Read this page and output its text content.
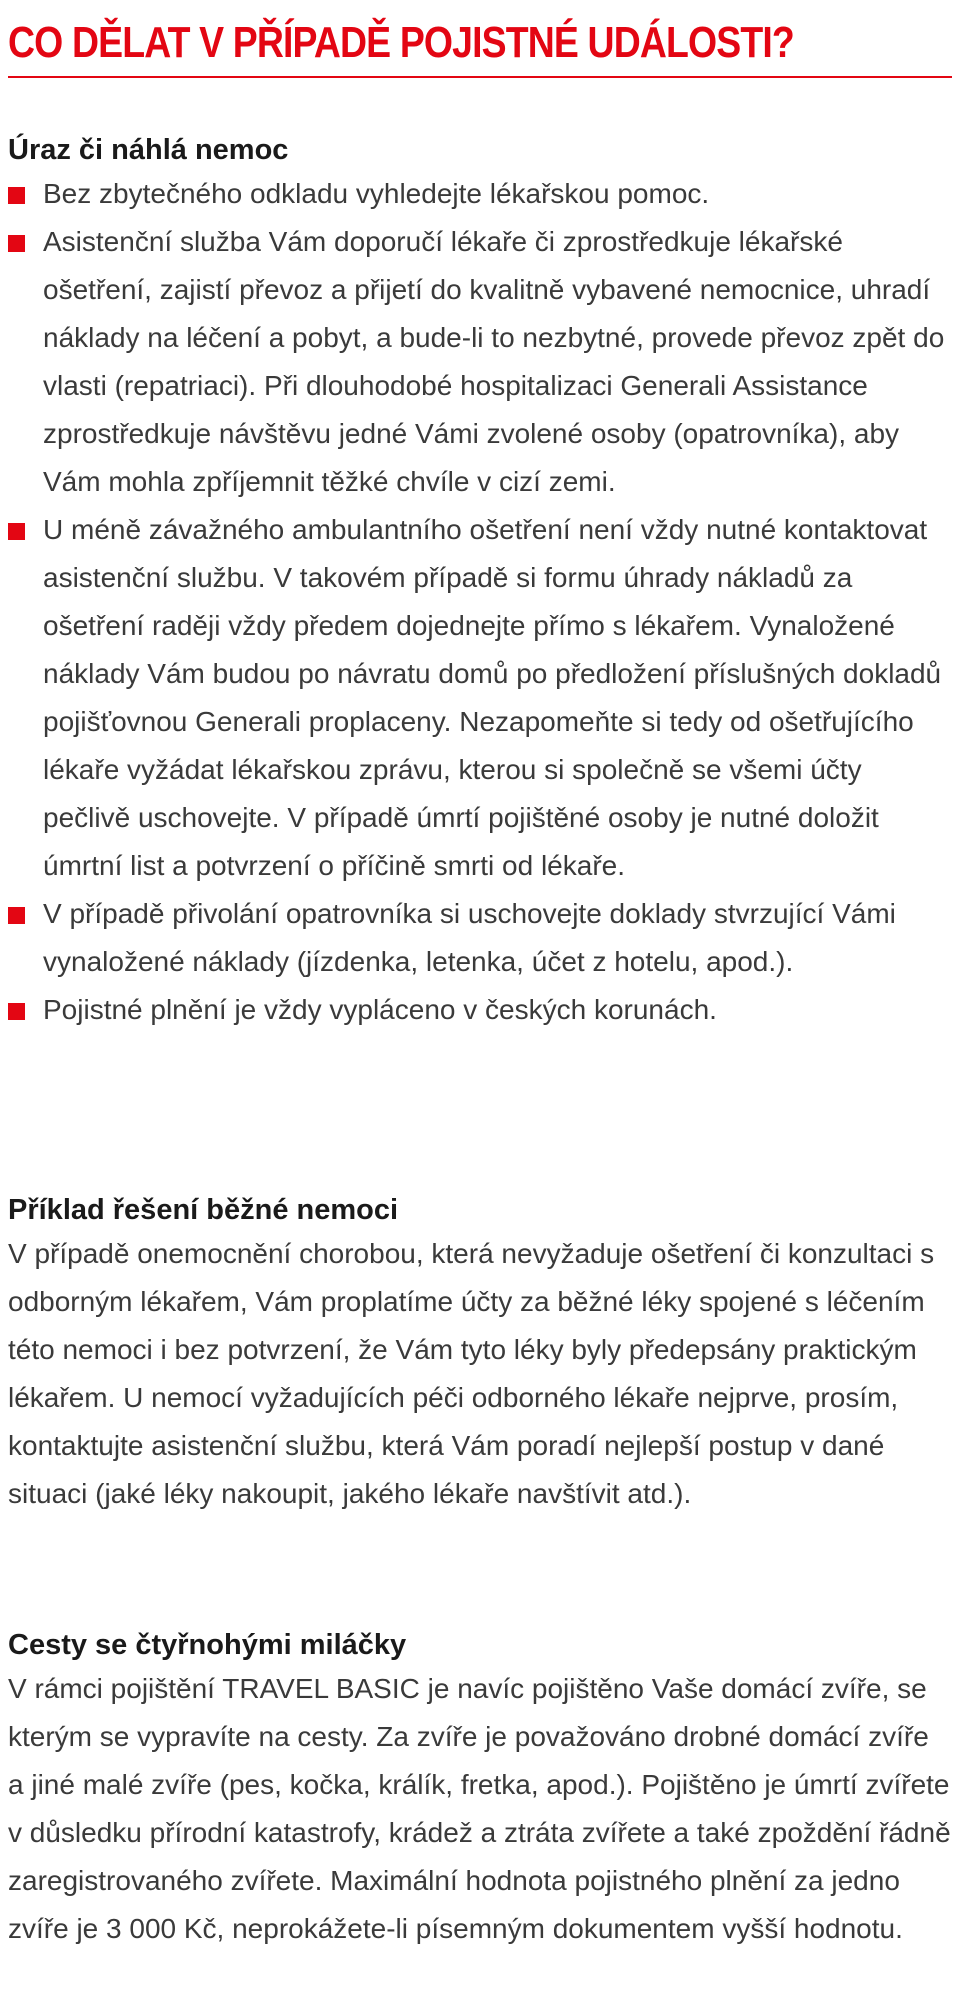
CO DĚLAT V PŘÍPADĚ POJISTNÉ UDÁLOSTI?
Úraz či náhlá nemoc
Bez zbytečného odkladu vyhledejte lékařskou pomoc.
Asistenční služba Vám doporučí lékaře či zprostředkuje lékařské ošetření, zajistí převoz a přijetí do kvalitně vybavené nemocnice, uhradí náklady na léčení a pobyt, a bude-li to nezbytné, provede převoz zpět do vlasti (repatriaci). Při dlouhodobé hospitalizaci Generali Assistance zprostředkuje návštěvu jedné Vámi zvolené osoby (opatrovníka), aby Vám mohla zpříjemnit těžké chvíle v cizí zemi.
U méně závažného ambulantního ošetření není vždy nutné kontaktovat asistenční službu. V takovém případě si formu úhrady nákladů za ošetření raději vždy předem dojednejte přímo s lékařem. Vynaložené náklady Vám budou po návratu domů po předložení příslušných dokladů pojišťovnou Generali proplaceny. Nezapomeňte si tedy od ošetřujícího lékaře vyžádat lékařskou zprávu, kterou si společně se všemi účty pečlivě uschovejte. V případě úmrtí pojištěné osoby je nutné doložit úmrtní list a potvrzení o příčině smrti od lékaře.
V případě přivolání opatrovníka si uschovejte doklady stvrzující Vámi vynaložené náklady (jízdenka, letenka, účet z hotelu, apod.).
Pojistné plnění je vždy vypláceno v českých korunách.
Příklad řešení běžné nemoci

V případě onemocnění chorobou, která nevyžaduje ošetření či konzultaci s odborným lékařem, Vám proplatíme účty za běžné léky spojené s léčením této nemoci i bez potvrzení, že Vám tyto léky byly předepsány praktickým lékařem. U nemocí vyžadujících péči odborného lékaře nejprve, prosím, kontaktujte asistenční službu, která Vám poradí nejlepší postup v dané situaci (jaké léky nakoupit, jakého lékaře navštívit atd.).

Cesty se čtyřnohými miláčky

V rámci pojištění TRAVEL BASIC je navíc pojištěno Vaše domácí zvíře, se kterým se vypravíte na cesty. Za zvíře je považováno drobné domácí zvíře a jiné malé zvíře (pes, kočka, králík, fretka, apod.). Pojištěno je úmrtí zvířete v důsledku přírodní katastrofy, krádež a ztráta zvířete a také zpoždění řádně zaregistrovaného zvířete. Maximální hodnota pojistného plnění za jedno zvíře je 3 000 Kč, neprokážete-li písemným dokumentem vyšší hodnotu.
